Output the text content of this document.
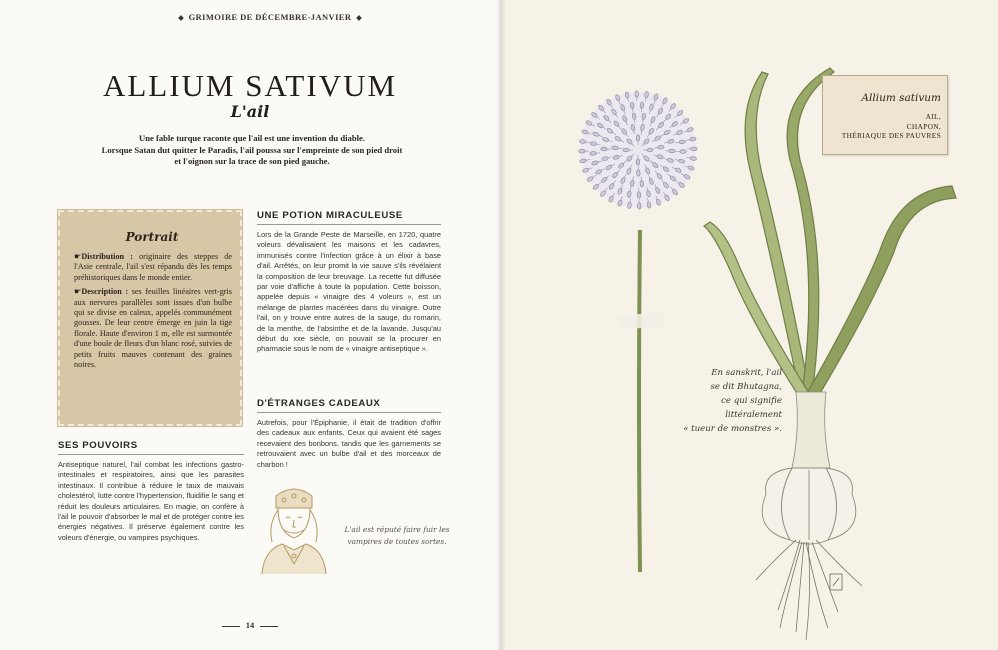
GRIMOIRE DE DÉCEMBRE-JANVIER
ALLIUM SATIVUM
L'ail
Une fable turque raconte que l'ail est une invention du diable.
Lorsque Satan dut quitter le Paradis, l'ail poussa sur l'empreinte de son pied droit
et l'oignon sur la trace de son pied gauche.
Portrait

☛Distribution : originaire des steppes de l'Asie centrale, l'ail s'est répandu dès les temps préhistoriques dans le monde entier.

☛Description : ses feuilles linéaires vert-gris aux nervures parallèles sont issues d'un bulbe qui se divise en caïeux, appelés communément gousses. De leur centre émerge en juin la tige florale. Haute d'environ 1 m, elle est surmontée d'une boule de fleurs d'un blanc rosé, suivies de petits fruits mauves contenant des graines noires.

SES POUVOIRS
Antiseptique naturel, l'ail combat les infections gastro-intestinales et respiratoires, ainsi que les parasites intestinaux. Il contribue à réduire le taux de mauvais cholestérol, lutte contre l'hypertension, fluidifie le sang et réduit les douleurs articulaires. En magie, on confère à l'ail le pouvoir d'absorber le mal et de protéger contre les énergies négatives. Il préserve également contre les voleurs d'énergie, ou vampires psychiques.
UNE POTION MIRACULEUSE
Lors de la Grande Peste de Marseille, en 1720, quatre voleurs dévalisaient les maisons et les cadavres, immunisés contre l'infection grâce à un élixir à base d'ail. Arrêtés, on leur promit la vie sauve s'ils révélaient la composition de leur breuvage. La recette fut diffusée par voie d'affiche à toute la population. Cette boisson, appelée depuis « vinaigre des 4 voleurs », est un mélange de plantes macérées dans du vinaigre. Outre l'ail, on y trouve entre autres de la sauge, du romarin, de la menthe, de l'absinthe et de la lavande. Jusqu'au début du xxe siècle, on pouvait se la procurer en pharmacie sous le nom de « vinaigre antiseptique ».
D'ÉTRANGES CADEAUX
Autrefois, pour l'Épiphanie, il était de tradition d'offrir des cadeaux aux enfants. Ceux qui avaient été sages recevaient des bonbons, tandis que les garnements se retrouvaient avec un bulbe d'ail et des morceaux de charbon !
L'ail est réputé faire fuir les vampires de toutes sortes.
14
Allium sativum
AIL,
CHAPON,
THÉRIAQUE DES PAUVRES
En sanskrit, l'ail
se dit Bhutagna,
ce qui signifie
littéralement
« tueur de monstres ».
